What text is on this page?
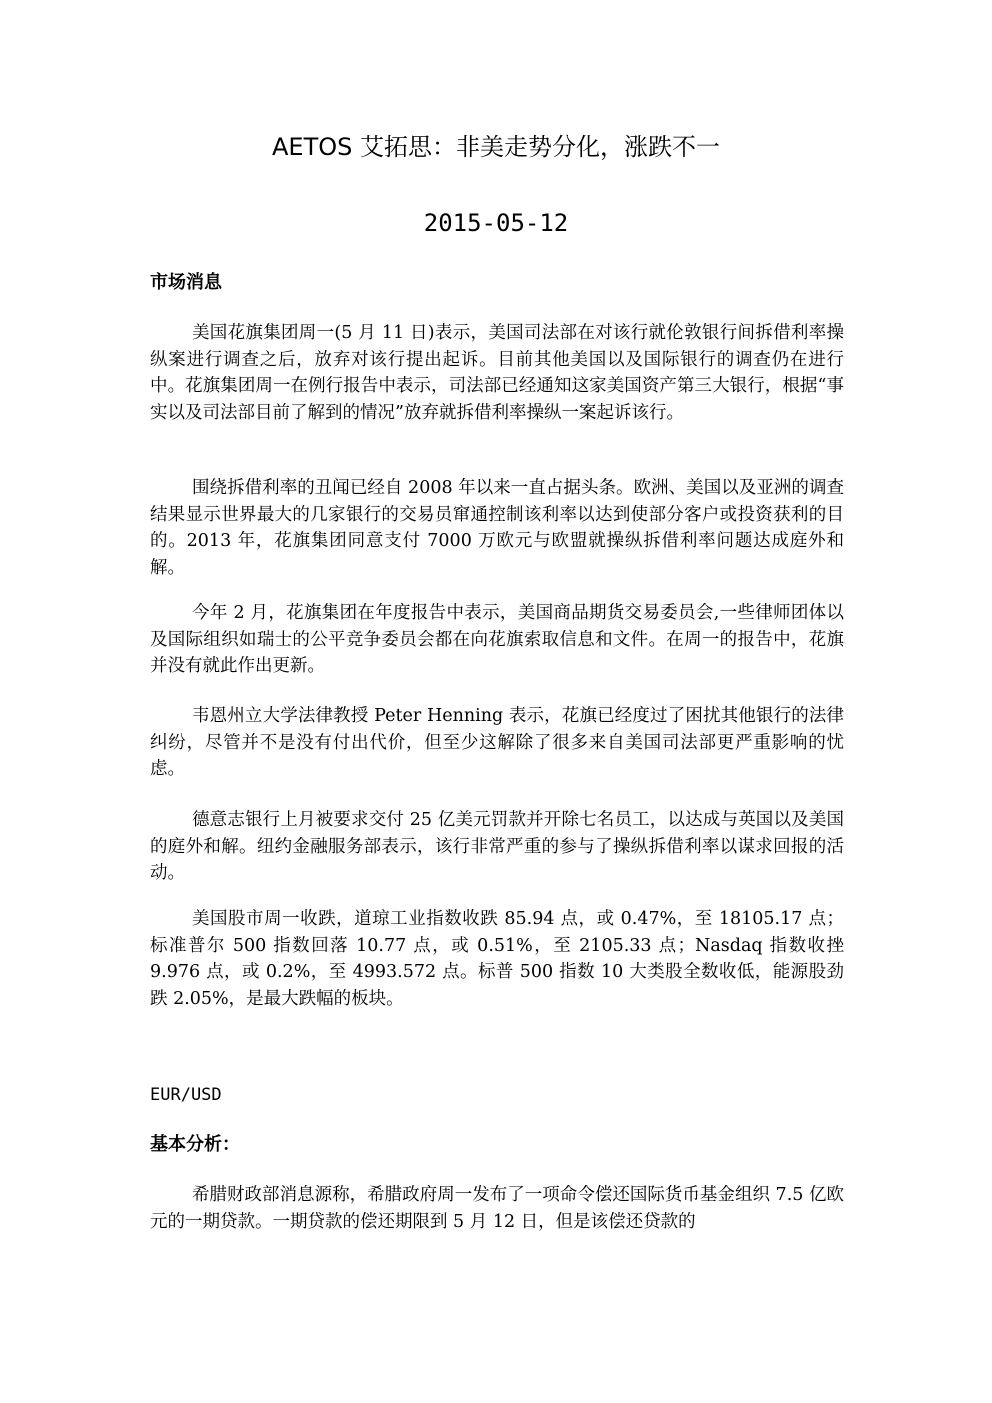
AETOS 艾拓思：非美走势分化，涨跌不一
2015-05-12
市场消息

美国花旗集团周一(5 月 11 日)表示，美国司法部在对该行就伦敦银行间拆借利率操纵案进行调查之后，放弃对该行提出起诉。目前其他美国以及国际银行的调查仍在进行中。花旗集团周一在例行报告中表示，司法部已经通知这家美国资产第三大银行，根据“事实以及司法部目前了解到的情况”放弃就拆借利率操纵一案起诉该行。

围绕拆借利率的丑闻已经自 2008 年以来一直占据头条。欧洲、美国以及亚洲的调查结果显示世界最大的几家银行的交易员窜通控制该利率以达到使部分客户或投资获利的目的。2013 年，花旗集团同意支付 7000 万欧元与欧盟就操纵拆借利率问题达成庭外和解。

今年 2 月，花旗集团在年度报告中表示，美国商品期货交易委员会,一些律师团体以及国际组织如瑞士的公平竞争委员会都在向花旗索取信息和文件。在周一的报告中，花旗并没有就此作出更新。

韦恩州立大学法律教授 Peter Henning 表示，花旗已经度过了困扰其他银行的法律纠纷，尽管并不是没有付出代价，但至少这解除了很多来自美国司法部更严重影响的忧虑。

德意志银行上月被要求交付 25 亿美元罚款并开除七名员工，以达成与英国以及美国的庭外和解。纽约金融服务部表示，该行非常严重的参与了操纵拆借利率以谋求回报的活动。

美国股市周一收跌，道琼工业指数收跌 85.94 点，或 0.47%，至 18105.17 点；标准普尔 500 指数回落 10.77 点，或 0.51%，至 2105.33 点；Nasdaq 指数收挫 9.976 点，或 0.2%，至 4993.572 点。标普 500 指数 10 大类股全数收低，能源股劲跌 2.05%，是最大跌幅的板块。

EUR/USD
基本分析：

希腊财政部消息源称，希腊政府周一发布了一项命令偿还国际货币基金组织 7.5 亿欧元的一期贷款。一期贷款的偿还期限到 5 月 12 日，但是该偿还贷款的
